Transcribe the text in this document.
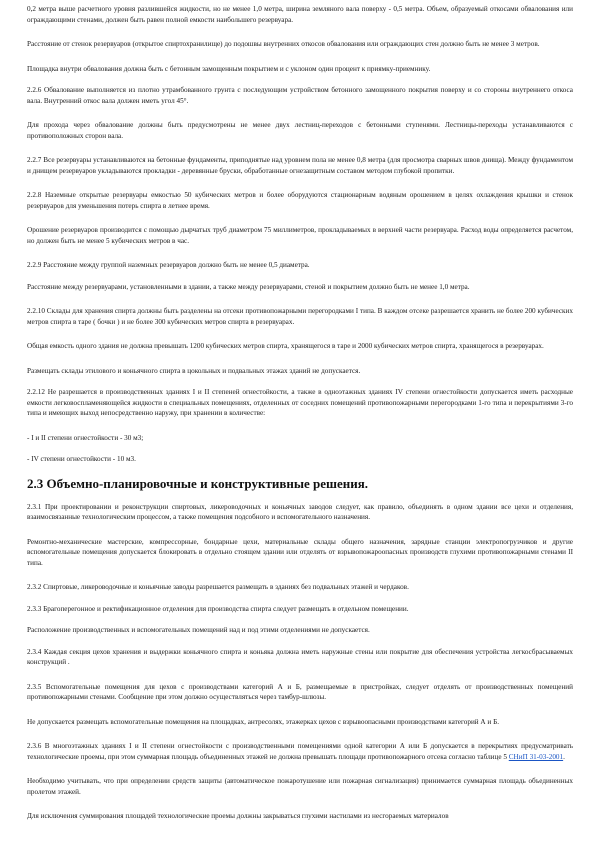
0,2 метра выше расчетного уровня разлившейся жидкости, но не менее 1,0 метра, ширина земляного вала поверху - 0,5 метра. Объем, образуемый откосами обвалования или ограждающими стенами, должен быть равен полной емкости наибольшего резервуара.

Расстояние от стенок резервуаров (открытое спиртохранилище) до подошвы внутренних откосов обвалования или ограждающих стен должно быть не менее 3 метров.

Площадка внутри обвалования должна быть с бетонным замощенным покрытием и с уклоном один процент к приямку-приемнику.

2.2.6 Обвалование выполняется из плотно утрамбованного грунта с последующим устройством бетонного замощенного покрытия поверху и со стороны внутреннего откоса вала. Внутренний откос вала должен иметь угол 45°.

Для прохода через обвалование должны быть предусмотрены не менее двух лестниц-переходов с бетонными ступенями. Лестницы-переходы устанавливаются с противоположных сторон вала.

2.2.7 Все резервуары устанавливаются на бетонные фундаменты, приподнятые над уровнем пола не менее 0,8 метра (для просмотра сварных швов днища). Между фундаментом и днищем резервуаров укладываются прокладки - деревянные бруски, обработанные огнезащитным составом методом глубокой пропитки.

2.2.8 Наземные открытые резервуары емкостью 50 кубических метров и более оборудуются стационарным водяным орошением в целях охлаждения крышки и стенок резервуаров для уменьшения потерь спирта в летнее время.

Орошение резервуаров производится с помощью дырчатых труб диаметром 75 миллиметров, прокладываемых в верхней части резервуара. Расход воды определяется расчетом, но должен быть не менее 5 кубических метров в час.

2.2.9 Расстояние между группой наземных резервуаров должно быть не менее 0,5 диаметра.

Расстояние между резервуарами, установленными в здании, а также между резервуарами, стеной и покрытием должно быть не менее 1,0 метра.

2.2.10 Склады для хранения спирта должны быть разделены на отсеки противопожарными перегородками I типа. В каждом отсеке разрешается хранить не более 200 кубических метров спирта в таре ( бочки ) и не более 300 кубических метров спирта в резервуарах.

Общая емкость одного здания не должна превышать 1200 кубических метров спирта, хранящегося в таре и 2000 кубических метров спирта, хранящегося в резервуарах.

Размещать склады этилового и коньячного спирта в цокольных и подвальных этажах зданий не допускается.

2.2.12 Не разрешается в производственных зданиях I и II степеней огнестойкости, а также в одноэтажных зданиях IV степени огнестойкости допускается иметь расходные емкости легковоспламеняющейся жидкости в специальных помещениях, отделенных от соседних помещений противопожарными перегородками 1-го типа и перекрытиями 3-го типа и имеющих выход непосредственно наружу, при хранении в количестве:

- I и II степени огнестойкости - 30 м3;

- IV степени огнестойкости - 10 м3.

2.3 Объемно-планировочные и конструктивные решения.

2.3.1 При проектировании и реконструкции спиртовых, ликероводочных и коньячных заводов следует, как правило, объединять в одном здании все цехи и отделения, взаимосвязанные технологическим процессом, а также помещения подсобного и вспомогательного назначения.

Ремонтно-механические мастерские, компрессорные, бондарные цехи, материальные склады общего назначения, зарядные станции электропогрузчиков и другие вспомогательные помещения допускается блокировать в отдельно стоящем здании или отделять от взрывопожароопасных производств глухими противопожарными стенами II типа.

2.3.2 Спиртовые, ликероводочные и коньячные заводы разрешается размещать в зданиях без подвальных этажей и чердаков.

2.3.3 Брагоперегонное и ректификационное отделения для производства спирта следует размещать в отдельном помещении.

Расположение производственных и вспомогательных помещений над и под этими отделениями не допускается.

2.3.4 Каждая секция цехов хранения и выдержки коньячного спирта и коньяка должна иметь наружные стены или покрытие для обеспечения устройства легкосбрасываемых конструкций .

2.3.5 Вспомогательные помещения для цехов с производствами категорий А и Б, размещаемые в пристройках, следует отделять от производственных помещений противопожарными стенами. Сообщение при этом должно осуществляться через тамбур-шлюзы.

Не допускается размещать вспомогательные помещения на площадках, антресолях, этажерках цехов с взрывоопасными производствами категорий А и Б.

2.3.6 В многоэтажных зданиях I и II степени огнестойкости с производственными помещениями одной категории А или Б допускается в перекрытиях предусматривать технологические проемы, при этом суммарная площадь объединенных этажей не должна превышать площади противопожарного отсека согласно таблице 5 СНиП 31-03-2001.

Необходимо учитывать, что при определении средств защиты (автоматическое пожаротушение или пожарная сигнализация) принимается суммарная площадь объединенных пролетом этажей.

Для исключения суммирования площадей технологические проемы должны закрываться глухими настилами из несгораемых материалов
